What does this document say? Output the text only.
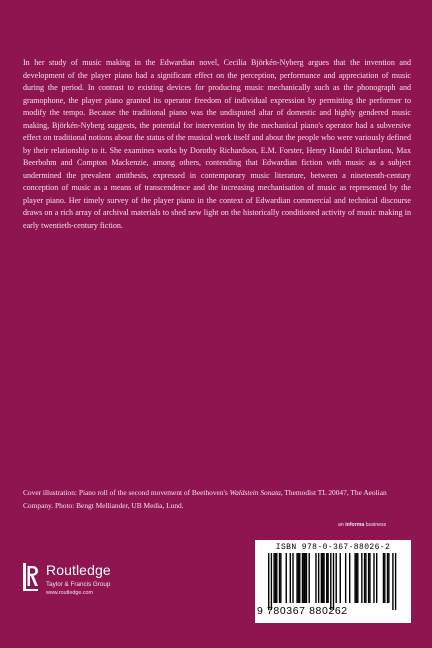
In her study of music making in the Edwardian novel, Cecilia Björkén-Nyberg argues that the invention and development of the player piano had a significant effect on the perception, performance and appreciation of music during the period. In contrast to existing devices for producing music mechanically such as the phonograph and gramophone, the player piano granted its operator freedom of individual expression by permitting the performer to modify the tempo. Because the traditional piano was the undisputed altar of domestic and highly gendered music making, Björkén-Nyberg suggests, the potential for intervention by the mechanical piano's operator had a subversive effect on traditional notions about the status of the musical work itself and about the people who were variously defined by their relationship to it. She examines works by Dorothy Richardson, E.M. Forster, Henry Handel Richardson, Max Beerbohm and Compton Mackenzie, among others, contending that Edwardian fiction with music as a subject undermined the prevalent antithesis, expressed in contemporary music literature, between a nineteenth-century conception of music as a means of transcendence and the increasing mechanisation of music as represented by the player piano. Her timely survey of the player piano in the context of Edwardian commercial and technical discourse draws on a rich array of archival materials to shed new light on the historically conditioned activity of music making in early twentieth-century fiction.

Cover illustration: Piano roll of the second movement of Beethoven's Waldstein Sonata, Themodist TL 20047, The Aeolian Company. Photo: Bengt Melliander, UB Media, Lund.

an informa business
Routledge
Taylor & Francis Group
www.routledge.com
ISBN 978-0-367-88026-2
9 780367 880262
